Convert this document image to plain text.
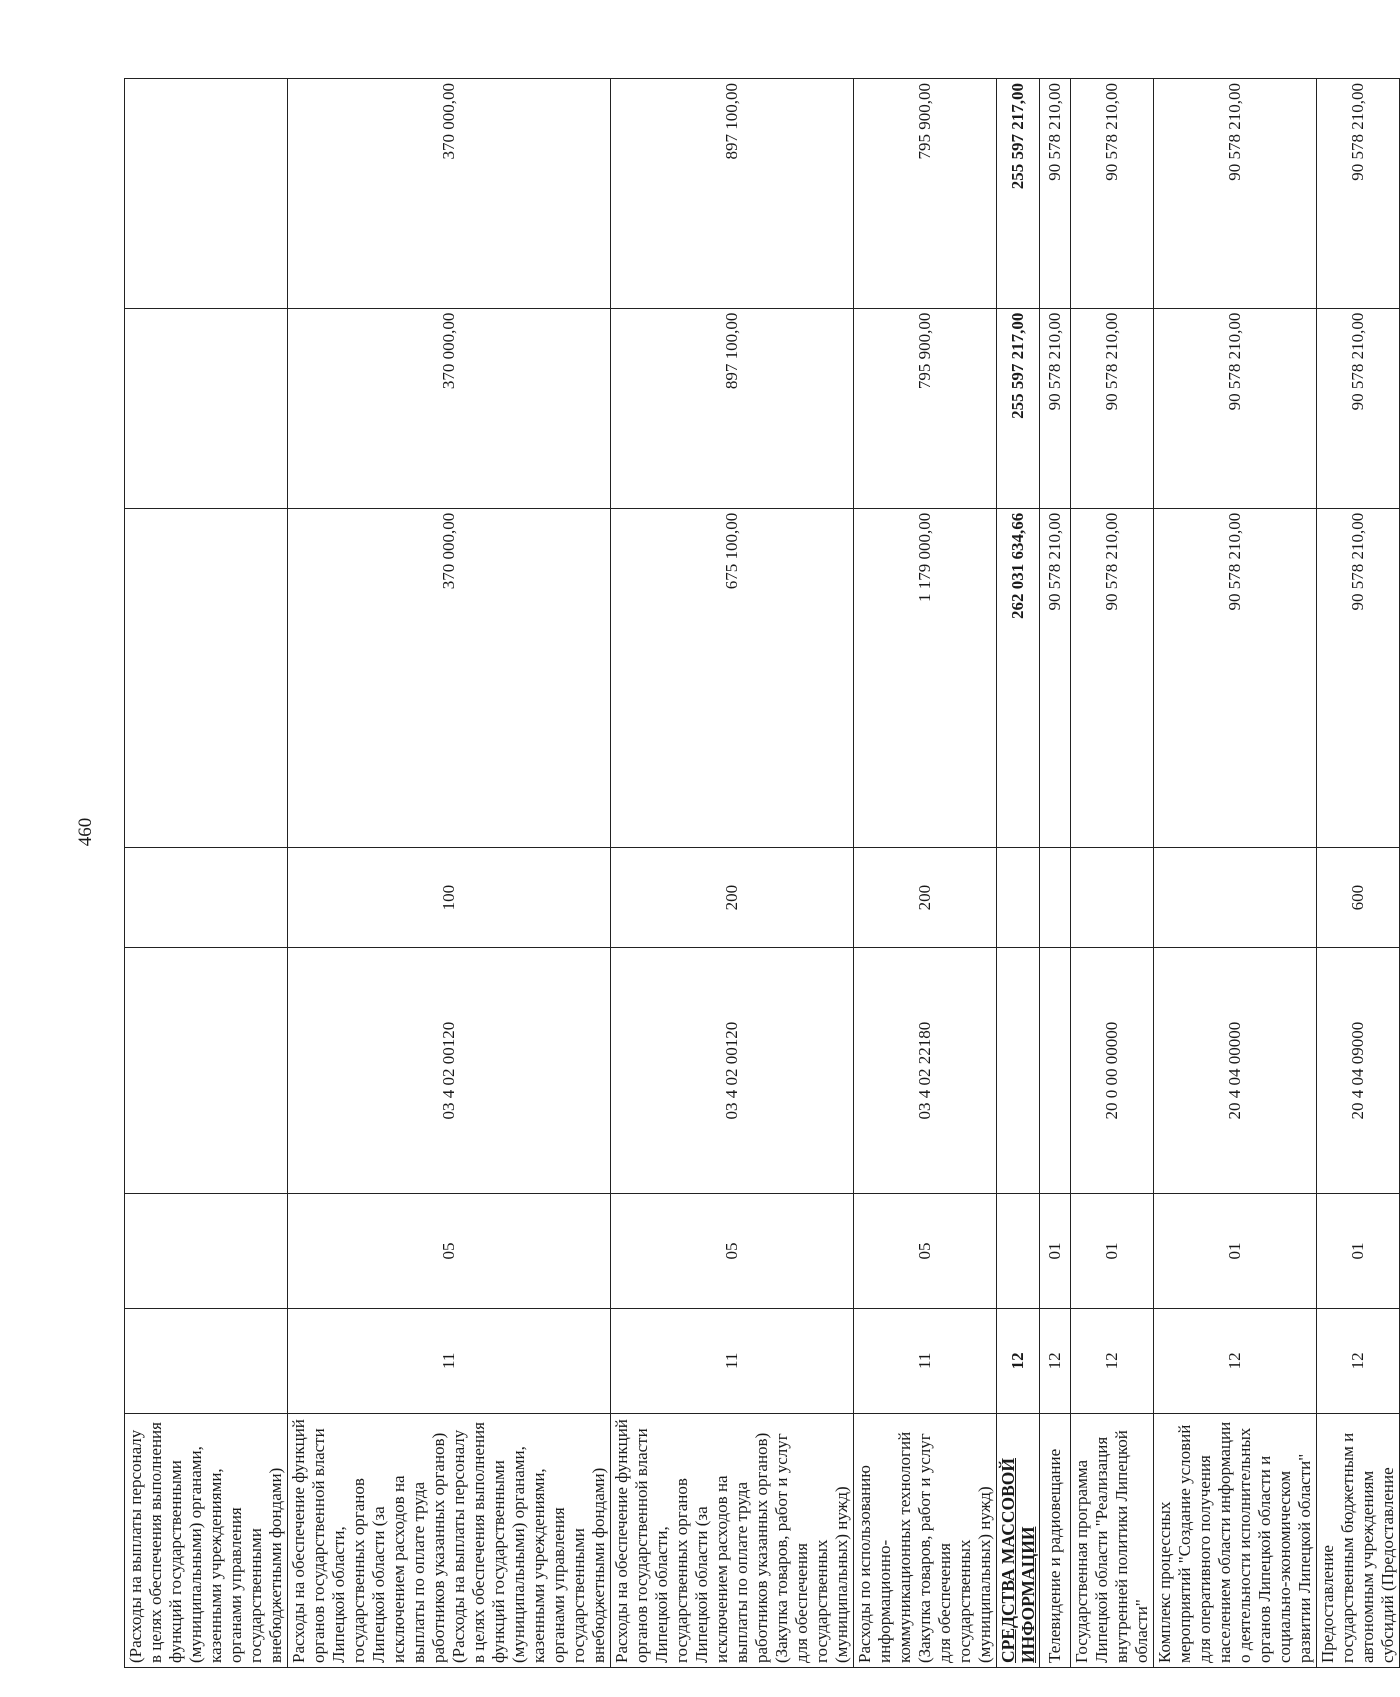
460
(Расходы на выплаты персоналу в целях обеспечения выполнения функций государственными (муниципальными) органами, казенными учреждениями, органами управления государственными внебюджетными фондами)							
Расходы на обеспечение функций органов государственной власти Липецкой области, государственных органов Липецкой области (за исключением расходов на выплаты по оплате труда работников указанных органов) (Расходы на выплаты персоналу в целях обеспечения выполнения функций государственными (муниципальными) органами, казенными учреждениями, органами управления государственными внебюджетными фондами)	11	05	03 4 02 00120	100	370 000,00	370 000,00	370 000,00
Расходы на обеспечение функций органов государственной власти Липецкой области, государственных органов Липецкой области (за исключением расходов на выплаты по оплате труда работников указанных органов) (Закупка товаров, работ и услуг для обеспечения государственных (муниципальных) нужд)	11	05	03 4 02 00120	200	675 100,00	897 100,00	897 100,00
Расходы по использованию информационно-коммуникационных технологий (Закупка товаров, работ и услуг для обеспечения государственных (муниципальных) нужд)	11	05	03 4 02 22180	200	1 179 000,00	795 900,00	795 900,00
СРЕДСТВА МАССОВОЙ ИНФОРМАЦИИ	12				262 031 634,66	255 597 217,00	255 597 217,00
Телевидение и радиовещание	12	01			90 578 210,00	90 578 210,00	90 578 210,00
Государственная программа Липецкой области "Реализация внутренней политики Липецкой области"	12	01	20 0 00 00000		90 578 210,00	90 578 210,00	90 578 210,00
Комплекс процессных мероприятий "Создание условий для оперативного получения населением области информации о деятельности исполнительных органов Липецкой области и социально-экономическом развитии Липецкой области"	12	01	20 4 04 00000		90 578 210,00	90 578 210,00	90 578 210,00
Предоставление государственным бюджетным и автономным учреждениям субсидий (Предоставление	12	01	20 4 04 09000	600	90 578 210,00	90 578 210,00	90 578 210,00
